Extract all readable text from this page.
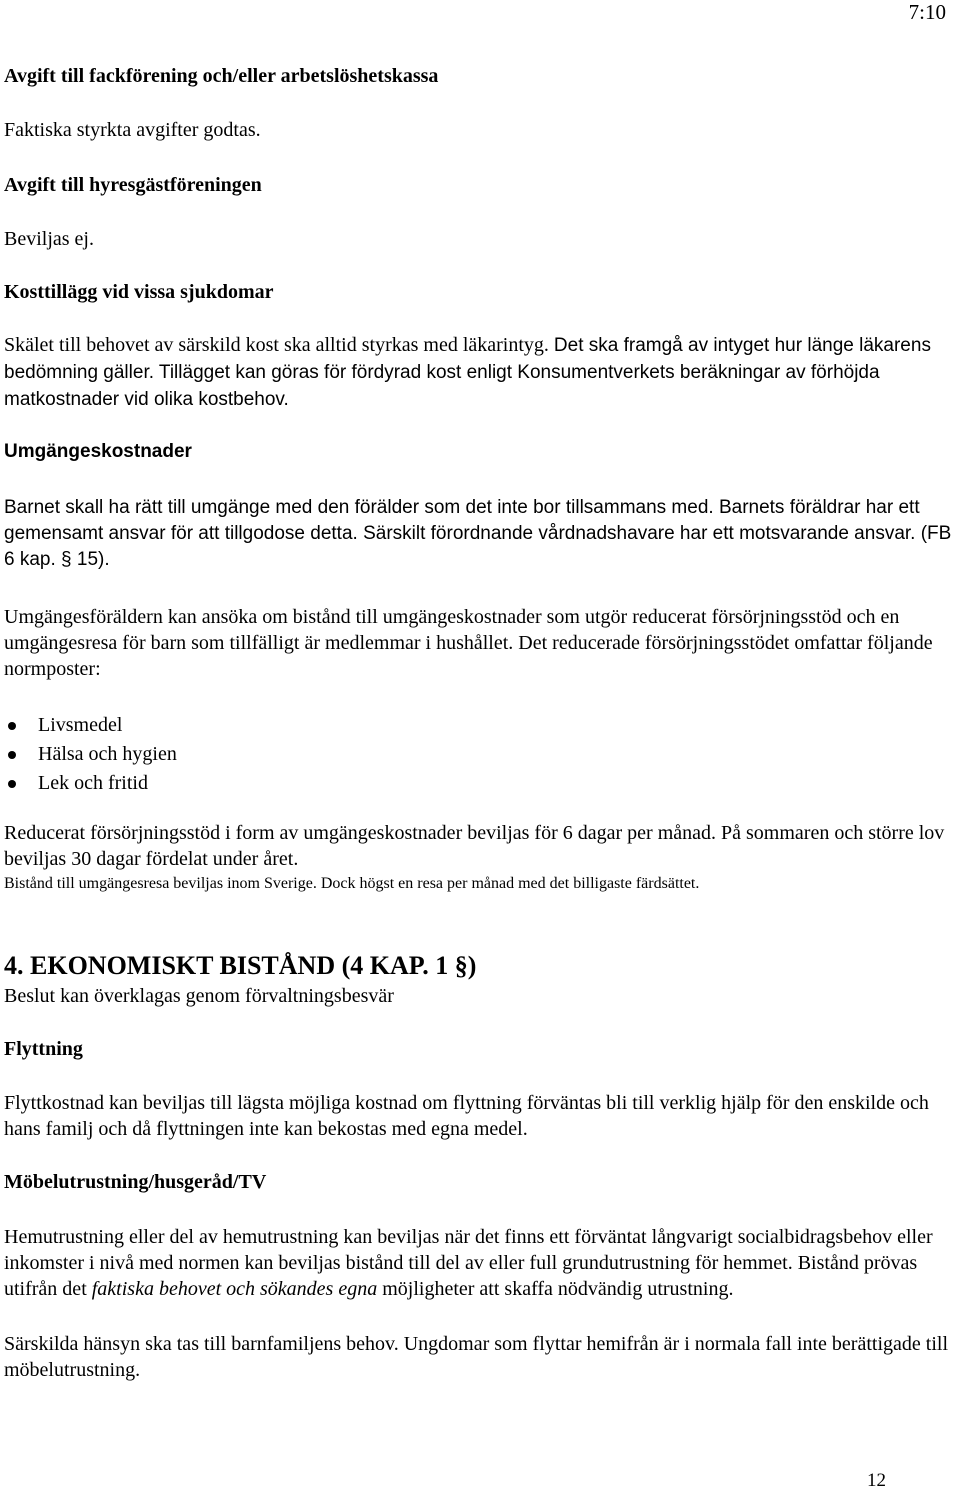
7:10

Avgift till fackförening och/eller arbetslöshetskassa

Faktiska styrkta avgifter godtas.

Avgift till hyresgästföreningen

Beviljas ej.

Kosttillägg vid vissa sjukdomar

Skälet till behovet av särskild kost ska alltid styrkas med läkarintyg. Det ska framgå av intyget hur länge läkarens bedömning gäller. Tillägget kan göras för fördyrad kost enligt Konsumentverkets beräkningar av förhöjda matkostnader vid olika kostbehov.

Umgängeskostnader

Barnet skall ha rätt till umgänge med den förälder som det inte bor tillsammans med. Barnets föräldrar har ett gemensamt ansvar för att tillgodose detta. Särskilt förordnande vårdnadshavare har ett motsvarande ansvar. (FB 6 kap. § 15).

Umgängesföräldern kan ansöka om bistånd till umgängeskostnader som utgör reducerat försörjningsstöd och en umgängesresa för barn som tillfälligt är medlemmar i hushållet. Det reducerade försörjningsstödet omfattar följande normposter:

Livsmedel
Hälsa och hygien
Lek och fritid

Reducerat försörjningsstöd i form av umgängeskostnader beviljas för 6 dagar per månad. På sommaren och större lov beviljas 30 dagar fördelat under året.

Bistånd till umgängesresa beviljas inom Sverige. Dock högst en resa per månad med det billigaste färdsättet.

4. EKONOMISKT BISTÅND (4 KAP. 1 §)

Beslut kan överklagas genom förvaltningsbesvär

Flyttning

Flyttkostnad kan beviljas till lägsta möjliga kostnad om flyttning förväntas bli till verklig hjälp för den enskilde och hans familj och då flyttningen inte kan bekostas med egna medel.

Möbelutrustning/husgeråd/TV

Hemutrustning eller del av hemutrustning kan beviljas när det finns ett förväntat långvarigt socialbidragsbehov eller inkomster i nivå med normen kan beviljas bistånd till del av eller full grundutrustning för hemmet. Bistånd prövas utifrån det faktiska behovet och sökandes egna möjligheter att skaffa nödvändig utrustning.

Särskilda hänsyn ska tas till barnfamiljens behov. Ungdomar som flyttar hemifrån är i normala fall inte berättigade till möbelutrustning.

12
